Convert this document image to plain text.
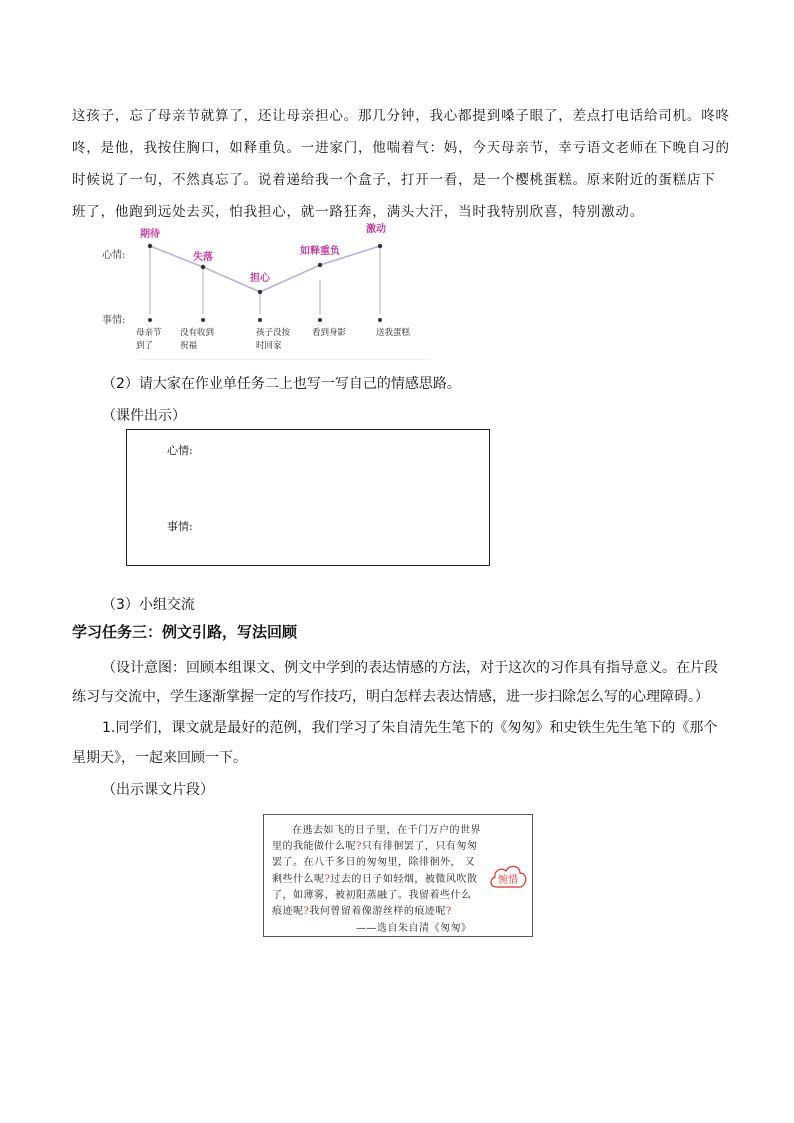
这孩子，忘了母亲节就算了，还让母亲担心。那几分钟，我心都提到嗓子眼了，差点打电话给司机。咚咚
咚，是他，我按住胸口，如释重负。一进家门，他喘着气：妈，今天母亲节，幸亏语文老师在下晚自习的
时候说了一句，不然真忘了。说着递给我一个盒子，打开一看，是一个樱桃蛋糕。原来附近的蛋糕店下
班了，他跑到远处去买，怕我担心，就一路狂奔，满头大汗，当时我特别欣喜，特别激动。
心情:
事情:
期待
失落
担心
如释重负
激动
母亲节
到了
没有收到
祝福
孩子没按
时回家
看到身影	送我蛋糕
（2）请大家在作业单任务二上也写一写自己的情感思路。
（课件出示）
心情:
事情:
（3）小组交流
学习任务三：例文引路，写法回顾
（设计意图：回顾本组课文、例文中学到的表达情感的方法，对于这次的习作具有指导意义。在片段
练习与交流中，学生逐渐掌握一定的写作技巧，明白怎样去表达情感，进一步扫除怎么写的心理障碍。）
1.同学们，课文就是最好的范例，我们学习了朱自清先生笔下的《匆匆》和史铁生先生笔下的《那个
星期天》，一起来回顾一下。
（出示课文片段）
在逃去如飞的日子里，在千门万户的世界
里的我能做什么呢?只有徘徊罢了，只有匆匆
罢了。在八千多日的匆匆里，除徘徊外， 又
剩些什么呢?过去的日子如轻烟，被微风吹散
了，如薄雾，被初阳蒸融了。我留着些什么
痕迹呢?我何曾留着像游丝样的痕迹呢?
——选自朱自清《匆匆》
惋惜
